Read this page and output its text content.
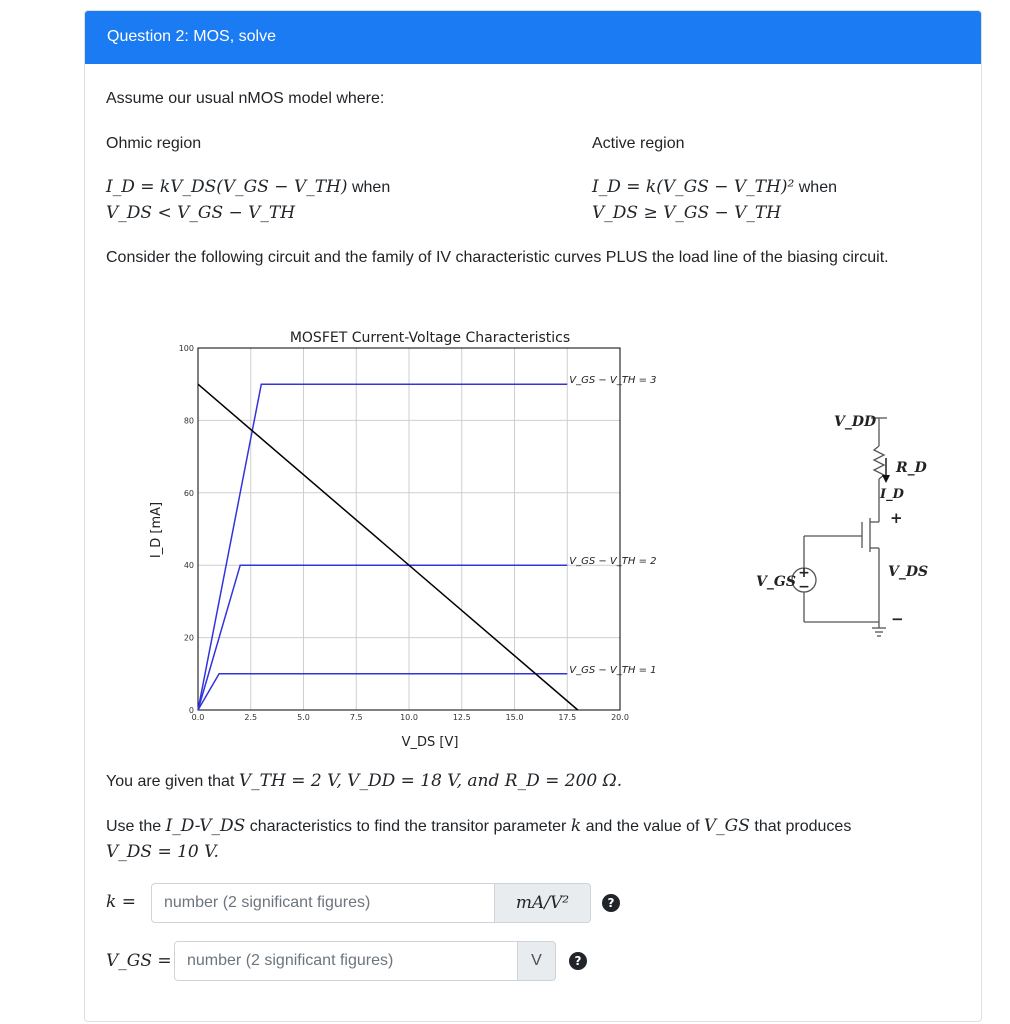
Question 2: MOS, solve
Assume our usual nMOS model where:
Ohmic region	Active region
I_D = kV_DS(V_GS − V_TH) when
V_DS < V_GS − V_TH
I_D = k(V_GS − V_TH)² when
V_DS ≥ V_GS − V_TH
Consider the following circuit and the family of IV characteristic curves PLUS the load line of the biasing circuit.
MOSFET Current-Voltage Characteristics
0.0	2.5	5.0	7.5	10.0	12.5	15.0	17.5	20.0
0
20
40
60
80
100
V_GS − V_TH = 3
V_GS − V_TH = 2
V_GS − V_TH = 1
V_DS [V]
I_D [mA]
+
−
V_DD
R_D
I_D
+
V_DS
−
V_GS
You are given that V_TH = 2 V, V_DD = 18 V, and R_D = 200 Ω.
Use the I_D-V_DS characteristics to find the transitor parameter k and the value of V_GS that produces
V_DS = 10 V.
k =
number (2 significant figures)	mA/V²	?
V_GS =
number (2 significant figures)	V	?
